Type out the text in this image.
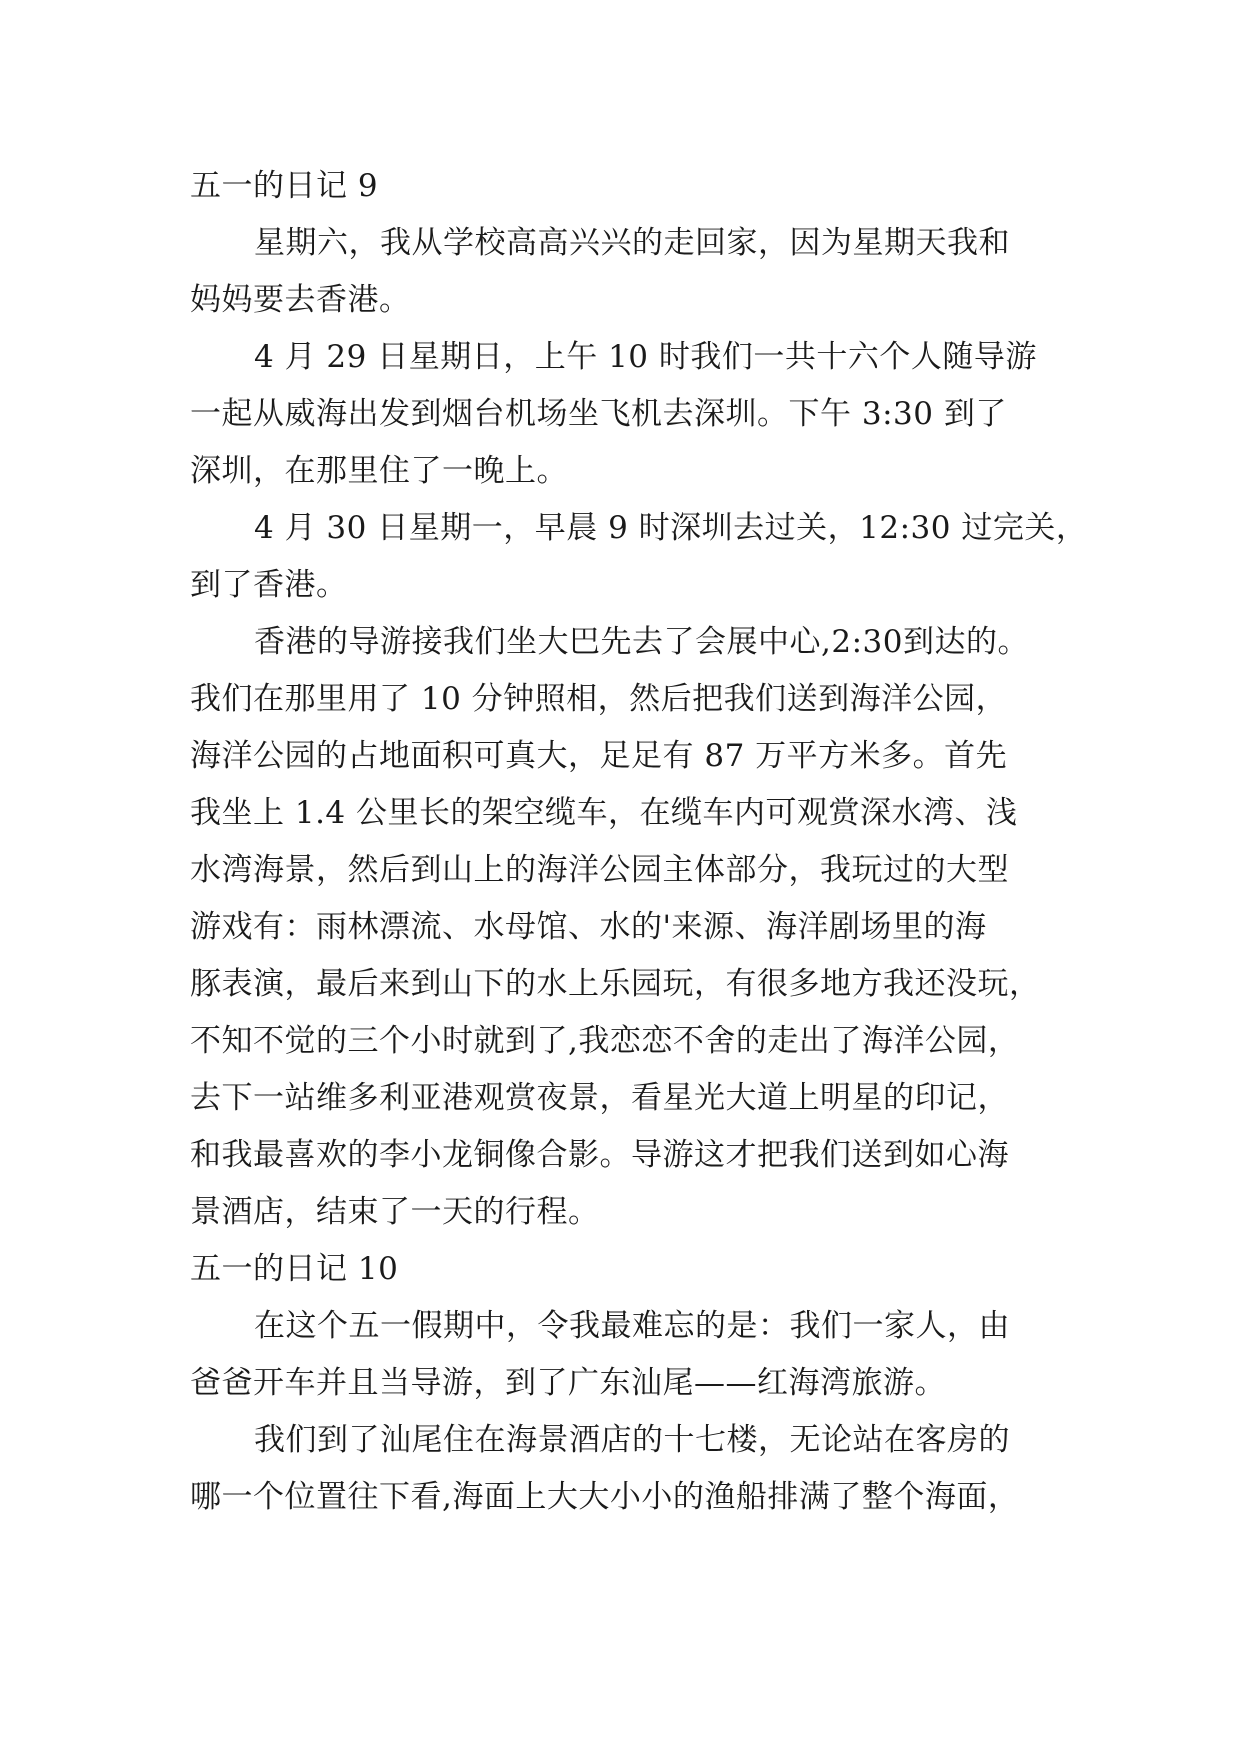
五一的日记 9
星期六，我从学校高高兴兴的走回家，因为星期天我和
妈妈要去香港。
4 月 29 日星期日，上午 10 时我们一共十六个人随导游
一起从威海出发到烟台机场坐飞机去深圳。下午 3:30 到了
深圳，在那里住了一晚上。
4 月 30 日星期一，早晨 9 时深圳去过关，12:30 过完关，
到了香港。
香港的导游接我们坐大巴先去了会展中心,2:30到达的。
我们在那里用了 10 分钟照相，然后把我们送到海洋公园，
海洋公园的占地面积可真大，足足有 87 万平方米多。首先
我坐上 1.4 公里长的架空缆车，在缆车内可观赏深水湾、浅
水湾海景，然后到山上的海洋公园主体部分，我玩过的大型
游戏有：雨林漂流、水母馆、水的'来源、海洋剧场里的海
豚表演，最后来到山下的水上乐园玩，有很多地方我还没玩，
不知不觉的三个小时就到了,我恋恋不舍的走出了海洋公园，
去下一站维多利亚港观赏夜景，看星光大道上明星的印记，
和我最喜欢的李小龙铜像合影。导游这才把我们送到如心海
景酒店，结束了一天的行程。
五一的日记 10
在这个五一假期中，令我最难忘的是：我们一家人，由
爸爸开车并且当导游，到了广东汕尾——红海湾旅游。
我们到了汕尾住在海景酒店的十七楼，无论站在客房的
哪一个位置往下看,海面上大大小小的渔船排满了整个海面，
